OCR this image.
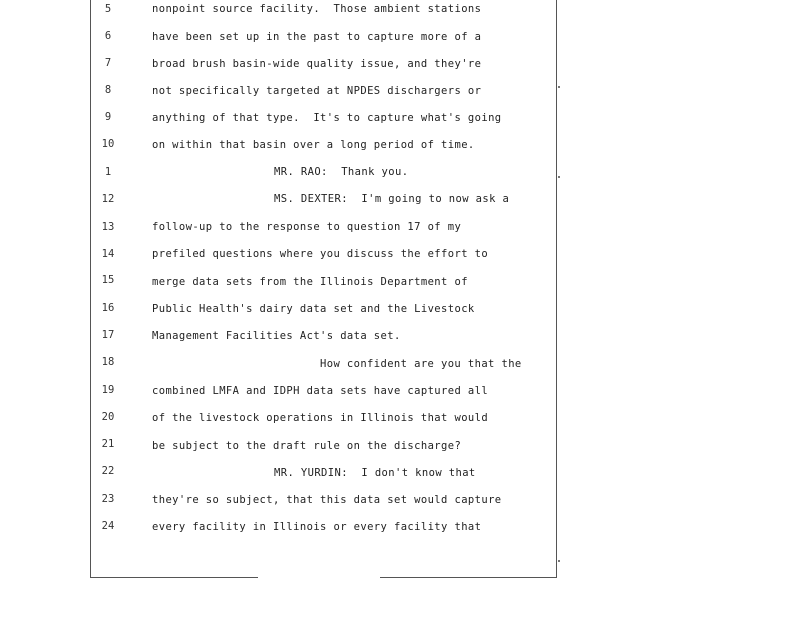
5	nonpoint source facility.  Those ambient stations
6	have been set up in the past to capture more of a
7	broad brush basin-wide quality issue, and they're
8	not specifically targeted at NPDES dischargers or
9	anything of that type.  It's to capture what's going
10	on within that basin over a long period of time.
1	MR. RAO:  Thank you.
12	MS. DEXTER:  I'm going to now ask a
13	follow-up to the response to question 17 of my
14	prefiled questions where you discuss the effort to
15	merge data sets from the Illinois Department of
16	Public Health's dairy data set and the Livestock
17	Management Facilities Act's data set.
18	How confident are you that the
19	combined LMFA and IDPH data sets have captured all
20	of the livestock operations in Illinois that would
21	be subject to the draft rule on the discharge?
22	MR. YURDIN:  I don't know that
23	they're so subject, that this data set would capture
24	every facility in Illinois or every facility that
